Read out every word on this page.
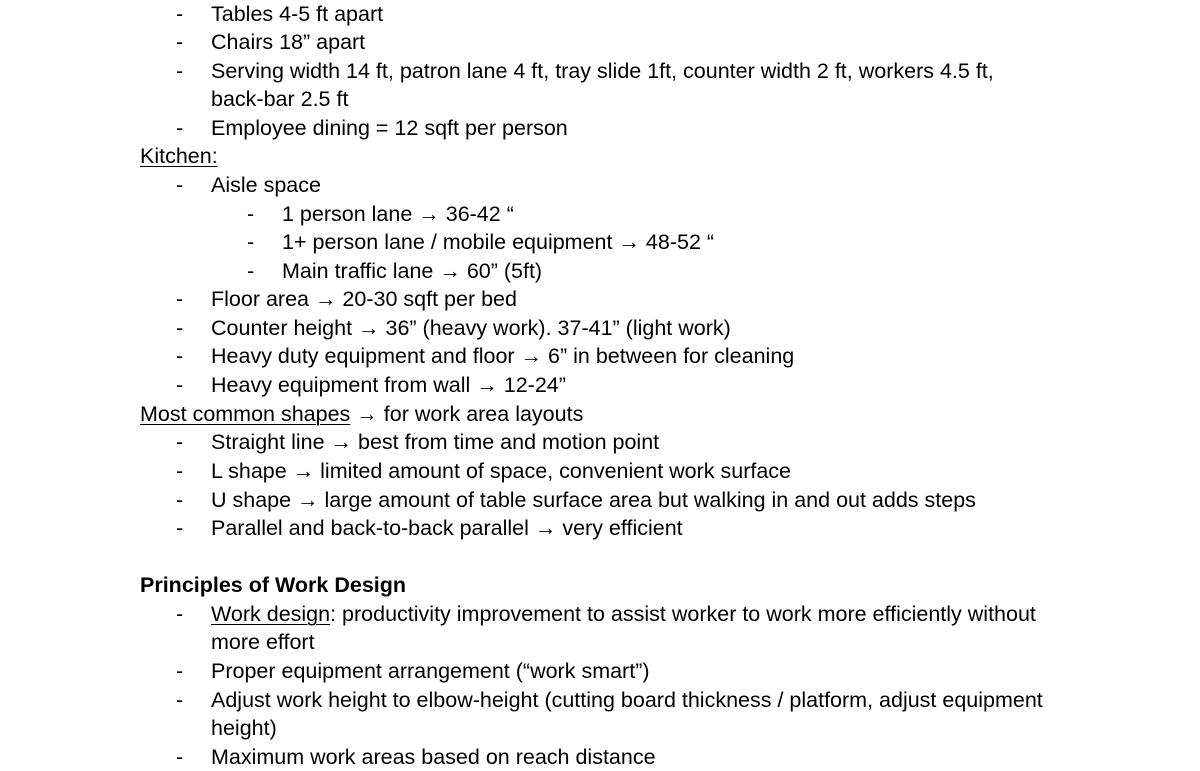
- Tables 4-5 ft apart
- Chairs 18” apart
- Serving width 14 ft, patron lane 4 ft, tray slide 1ft, counter width 2 ft, workers 4.5 ft,
back-bar 2.5 ft
- Employee dining = 12 sqft per person
Kitchen:
- Aisle space
- 1 person lane → 36-42 “
- 1+ person lane / mobile equipment → 48-52 “
- Main traffic lane → 60” (5ft)
- Floor area → 20-30 sqft per bed
- Counter height → 36” (heavy work). 37-41” (light work)
- Heavy duty equipment and floor → 6” in between for cleaning
- Heavy equipment from wall → 12-24”
Most common shapes → for work area layouts
- Straight line → best from time and motion point
- L shape → limited amount of space, convenient work surface
- U shape → large amount of table surface area but walking in and out adds steps
- Parallel and back-to-back parallel → very efficient
Principles of Work Design
- Work design: productivity improvement to assist worker to work more efficiently without
more effort
- Proper equipment arrangement (“work smart”)
- Adjust work height to elbow-height (cutting board thickness / platform, adjust equipment
height)
- Maximum work areas based on reach distance
